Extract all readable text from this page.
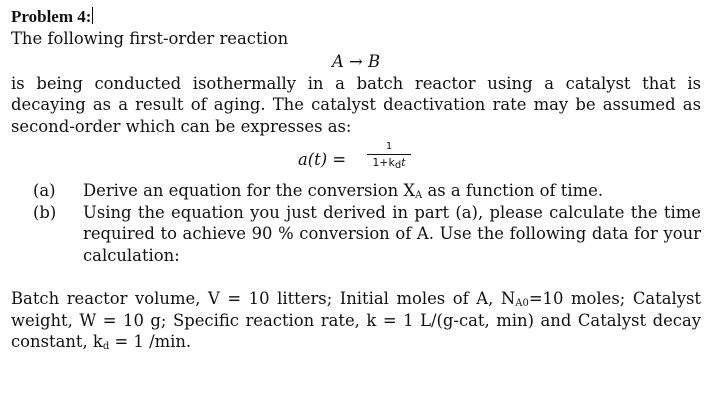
Problem 4:
The following first-order reaction
A → B
is being conducted isothermally in a batch reactor using a catalyst that is decaying as a result of aging. The catalyst deactivation rate may be assumed as second-order which can be expresses as:
a(t) =
1
$1+k_dt$
(a)	Derive an equation for the conversion $X_A$ as a function of time.
(b)	Using the equation you just derived in part (a), please calculate the time required to achieve 90 % conversion of A. Use the following data for your calculation:
Batch reactor volume, V = 10 litters; Initial moles of A, $N_{A0}=10$ moles; Catalyst weight, W = 10 g; Specific reaction rate, k = 1 L/(g-cat, min) and Catalyst decay constant, $k_d = 1$ /min.
